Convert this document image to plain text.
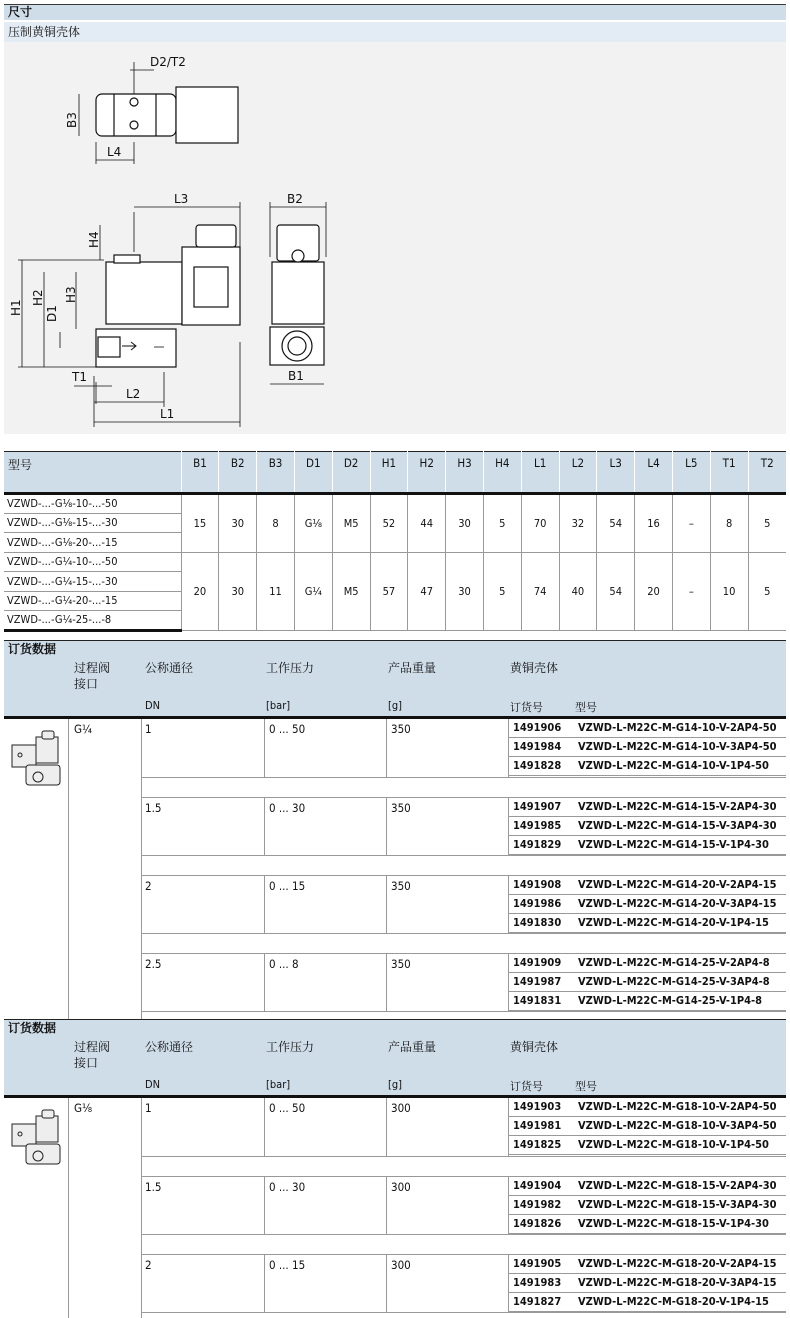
尺寸
压制黄铜壳体
B3
D2/T2
L4
L3	B2
H4
H3
H2
H1 D1
T1
L2
L1
B1
型号	B1	B2	B3	D1	D2	H1	H2	H3	H4	L1	L2	L3	L4	L5	T1	T2
VZWD-...-G⅛-10-...-50	15	30	8	G⅛	M5	52	44	30	5	70	32	54	16	–	8	5
VZWD-...-G⅛-15-...-30																
VZWD-...-G⅛-20-...-15																
VZWD-...-G¼-10-...-50	20	30	11	G¼	M5	57	47	30	5	74	40	54	20	–	10	5
VZWD-...-G¼-15-...-30																
VZWD-...-G¼-20-...-15																
VZWD-...-G¼-25-...-8																
订货数据
过程阀
接口
公称通径	工作压力	产品重量	黄铜壳体
DN	[bar]	[g]	订货号	型号
G¼	1	0 ... 50	350	1491906 VZWD-L-M22C-M-G14-10-V-2AP4-50
1491984 VZWD-L-M22C-M-G14-10-V-3AP4-50
1491828 VZWD-L-M22C-M-G14-10-V-1P4-50
1.5	0 ... 30	350	1491907 VZWD-L-M22C-M-G14-15-V-2AP4-30
1491985 VZWD-L-M22C-M-G14-15-V-3AP4-30
1491829 VZWD-L-M22C-M-G14-15-V-1P4-30
2	0 ... 15	350	1491908 VZWD-L-M22C-M-G14-20-V-2AP4-15
1491986 VZWD-L-M22C-M-G14-20-V-3AP4-15
1491830 VZWD-L-M22C-M-G14-20-V-1P4-15
2.5	0 ... 8	350	1491909 VZWD-L-M22C-M-G14-25-V-2AP4-8
1491987 VZWD-L-M22C-M-G14-25-V-3AP4-8
1491831 VZWD-L-M22C-M-G14-25-V-1P4-8
订货数据
过程阀
接口
公称通径	工作压力	产品重量	黄铜壳体
DN	[bar]	[g]	订货号	型号
G⅛	1	0 ... 50	300	1491903 VZWD-L-M22C-M-G18-10-V-2AP4-50
1491981 VZWD-L-M22C-M-G18-10-V-3AP4-50
1491825 VZWD-L-M22C-M-G18-10-V-1P4-50
1.5	0 ... 30	300	1491904 VZWD-L-M22C-M-G18-15-V-2AP4-30
1491982 VZWD-L-M22C-M-G18-15-V-3AP4-30
1491826 VZWD-L-M22C-M-G18-15-V-1P4-30
2	0 ... 15	300	1491905 VZWD-L-M22C-M-G18-20-V-2AP4-15
1491983 VZWD-L-M22C-M-G18-20-V-3AP4-15
1491827 VZWD-L-M22C-M-G18-20-V-1P4-15
